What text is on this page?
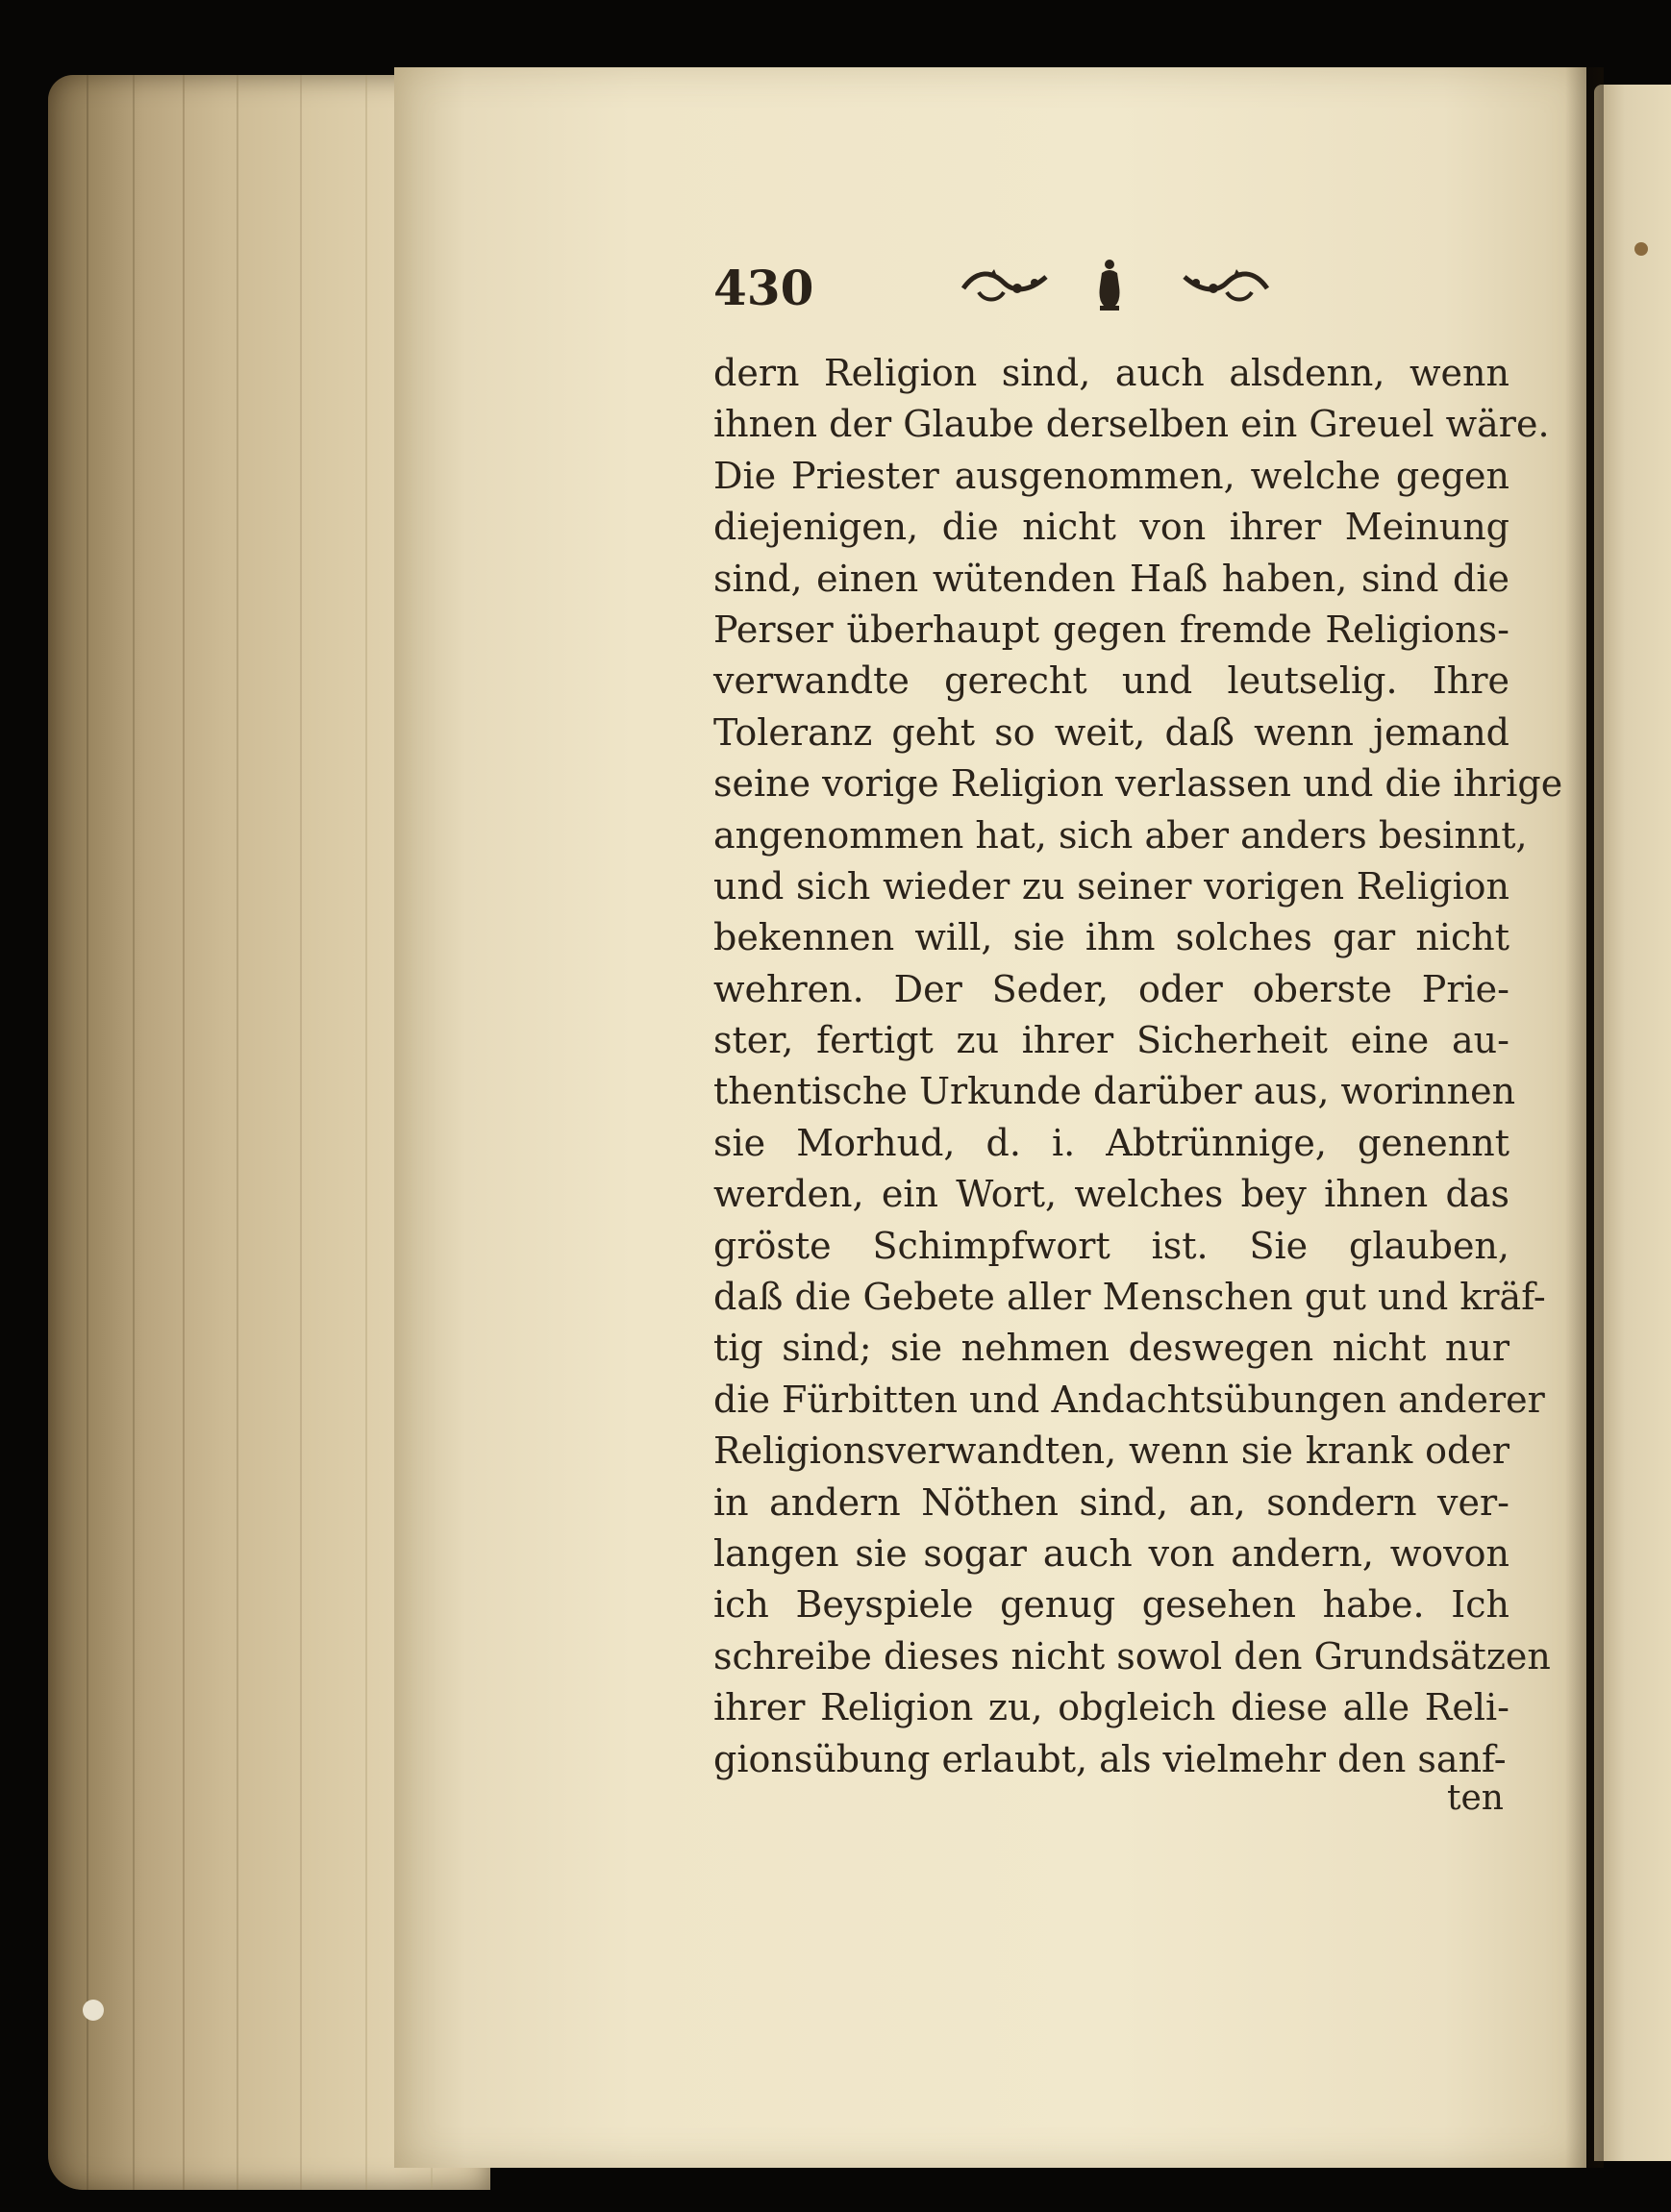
430
dern Religion sind, auch alsdenn, wenn
ihnen der Glaube derselben ein Greuel wäre.
Die Priester ausgenommen, welche gegen
diejenigen, die nicht von ihrer Meinung
sind, einen wütenden Haß haben, sind die
Perser überhaupt gegen fremde Religions-
verwandte gerecht und leutselig. Ihre
Toleranz geht so weit, daß wenn jemand
seine vorige Religion verlassen und die ihrige
angenommen hat, sich aber anders besinnt,
und sich wieder zu seiner vorigen Religion
bekennen will, sie ihm solches gar nicht
wehren. Der Seder, oder oberste Prie-
ster, fertigt zu ihrer Sicherheit eine au-
thentische Urkunde darüber aus, worinnen
sie Morhud, d. i. Abtrünnige, genennt
werden, ein Wort, welches bey ihnen das
gröste Schimpfwort ist. Sie glauben,
daß die Gebete aller Menschen gut und kräf-
tig sind; sie nehmen deswegen nicht nur
die Fürbitten und Andachtsübungen anderer
Religionsverwandten, wenn sie krank oder
in andern Nöthen sind, an, sondern ver-
langen sie sogar auch von andern, wovon
ich Beyspiele genug gesehen habe. Ich
schreibe dieses nicht sowol den Grundsätzen
ihrer Religion zu, obgleich diese alle Reli-
gionsübung erlaubt, als vielmehr den sanf-
ten
